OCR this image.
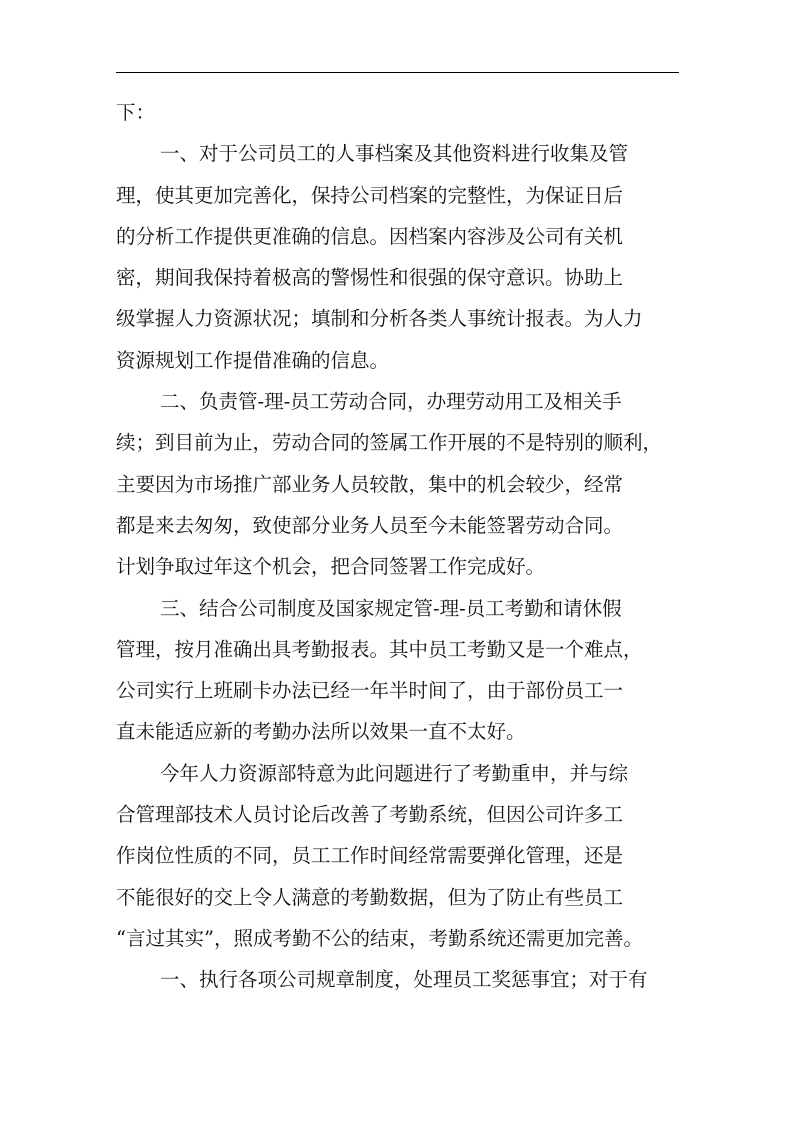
下：
一、对于公司员工的人事档案及其他资料进行收集及管
理，使其更加完善化，保持公司档案的完整性，为保证日后
的分析工作提供更准确的信息。因档案内容涉及公司有关机
密，期间我保持着极高的警惕性和很强的保守意识。协助上
级掌握人力资源状况；填制和分析各类人事统计报表。为人力
资源规划工作提借准确的信息。
二、负责管-理-员工劳动合同，办理劳动用工及相关手
续；到目前为止，劳动合同的签属工作开展的不是特别的顺利，
主要因为市场推广部业务人员较散，集中的机会较少，经常
都是来去匆匆，致使部分业务人员至今未能签署劳动合同。
计划争取过年这个机会，把合同签署工作完成好。
三、结合公司制度及国家规定管-理-员工考勤和请休假
管理，按月准确出具考勤报表。其中员工考勤又是一个难点，
公司实行上班刷卡办法已经一年半时间了，由于部份员工一
直未能适应新的考勤办法所以效果一直不太好。
今年人力资源部特意为此问题进行了考勤重申，并与综
合管理部技术人员讨论后改善了考勤系统，但因公司许多工
作岗位性质的不同，员工工作时间经常需要弹化管理，还是
不能很好的交上令人满意的考勤数据，但为了防止有些员工
“言过其实”，照成考勤不公的结束，考勤系统还需更加完善。
一、执行各项公司规章制度，处理员工奖惩事宜；对于有
